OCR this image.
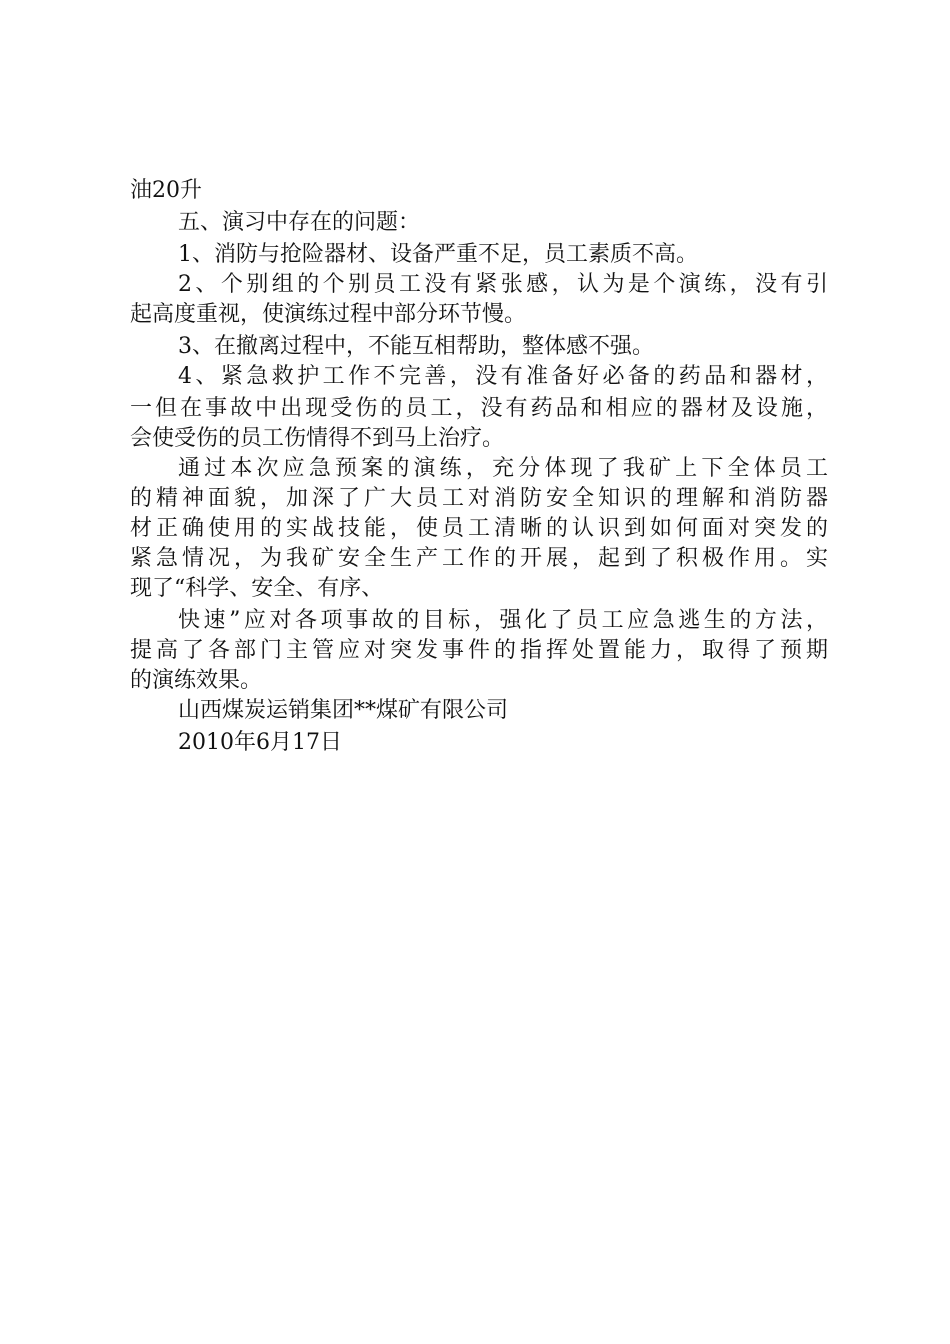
油20升

五、演习中存在的问题：

1、消防与抢险器材、设备严重不足，员工素质不高。

2、个别组的个别员工没有紧张感，认为是个演练，没有引

起高度重视，使演练过程中部分环节慢。

3、在撤离过程中，不能互相帮助，整体感不强。

4、紧急救护工作不完善，没有准备好必备的药品和器材，

一但在事故中出现受伤的员工，没有药品和相应的器材及设施，

会使受伤的员工伤情得不到马上治疗。

通过本次应急预案的演练，充分体现了我矿上下全体员工

的精神面貌，加深了广大员工对消防安全知识的理解和消防器

材正确使用的实战技能，使员工清晰的认识到如何面对突发的

紧急情况，为我矿安全生产工作的开展，起到了积极作用。实

现了“科学、安全、有序、

快速”应对各项事故的目标，强化了员工应急逃生的方法，

提高了各部门主管应对突发事件的指挥处置能力，取得了预期

的演练效果。

山西煤炭运销集团**煤矿有限公司

2010年6月17日
